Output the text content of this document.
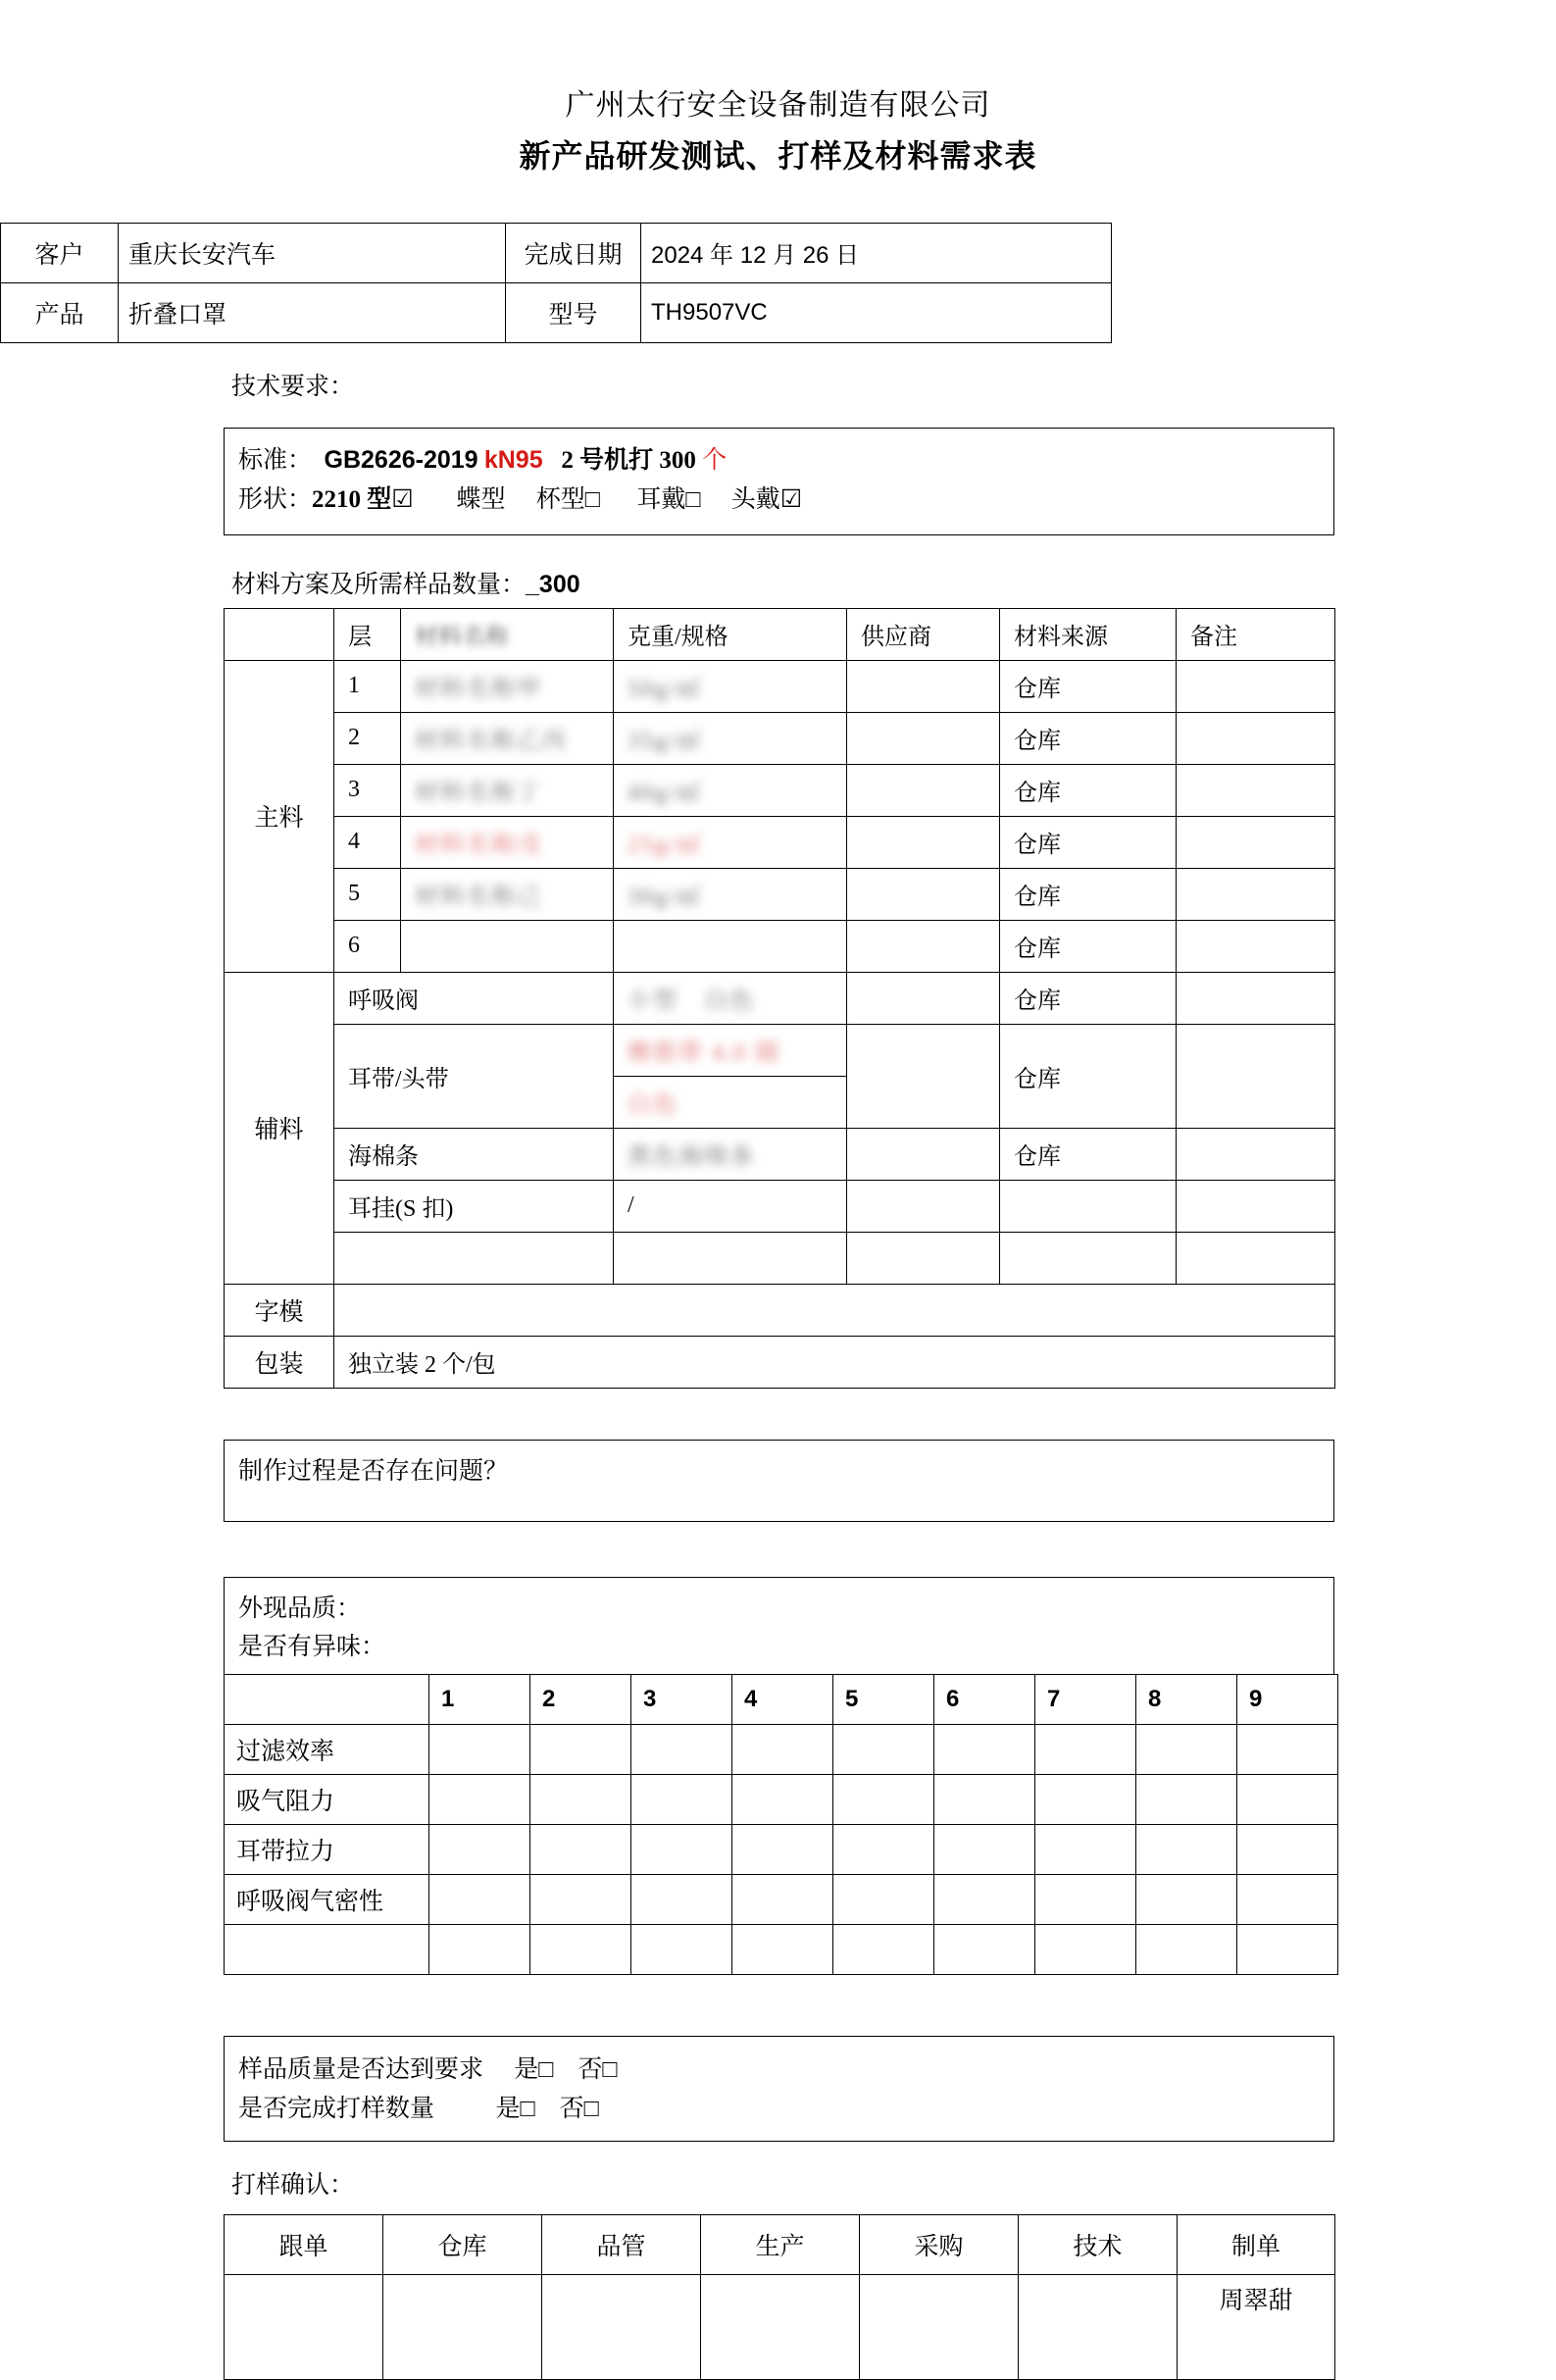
广州太行安全设备制造有限公司
新产品研发测试、打样及材料需求表
客户	重庆长安汽车	完成日期	2024 年 12 月 26 日
产品	折叠口罩	型号	TH9507VC
技术要求：
标准： GB2626-2019 kN95 2 号机打 300 个
形状：2210 型☑ 蝶型 杯型□ 耳戴□ 头戴☑
材料方案及所需样品数量：_300
	层	材料名称	克重/规格	供应商	材料来源	备注
主料	1	材料名称甲	50g/㎡		仓库	
	2	材料名称乙丙	35g/㎡		仓库	
	3	材料名称丁	40g/㎡		仓库	
	4	材料名称戊	25g/㎡		仓库	
	5	材料名称己	30g/㎡		仓库	
	6				仓库	
辅料	呼吸阀		小型　白色		仓库	
	耳带/头带		橡筋带 4.0 圆		仓库	
			白色			
	海棉条		黑色海绵条		仓库	
	耳挂(S 扣)		/			

字模						
包装	独立装 2 个/包					
制作过程是否存在问题？
外现品质：
是否有异味：
	1	2	3	4	5	6	7	8	9
过滤效率									
吸气阻力									
耳带拉力									
呼吸阀气密性									

样品质量是否达到要求 是□ 否□
是否完成打样数量	是□ 否□
打样确认：
跟单	仓库	品管	生产	采购	技术	制单
						周翠甜
